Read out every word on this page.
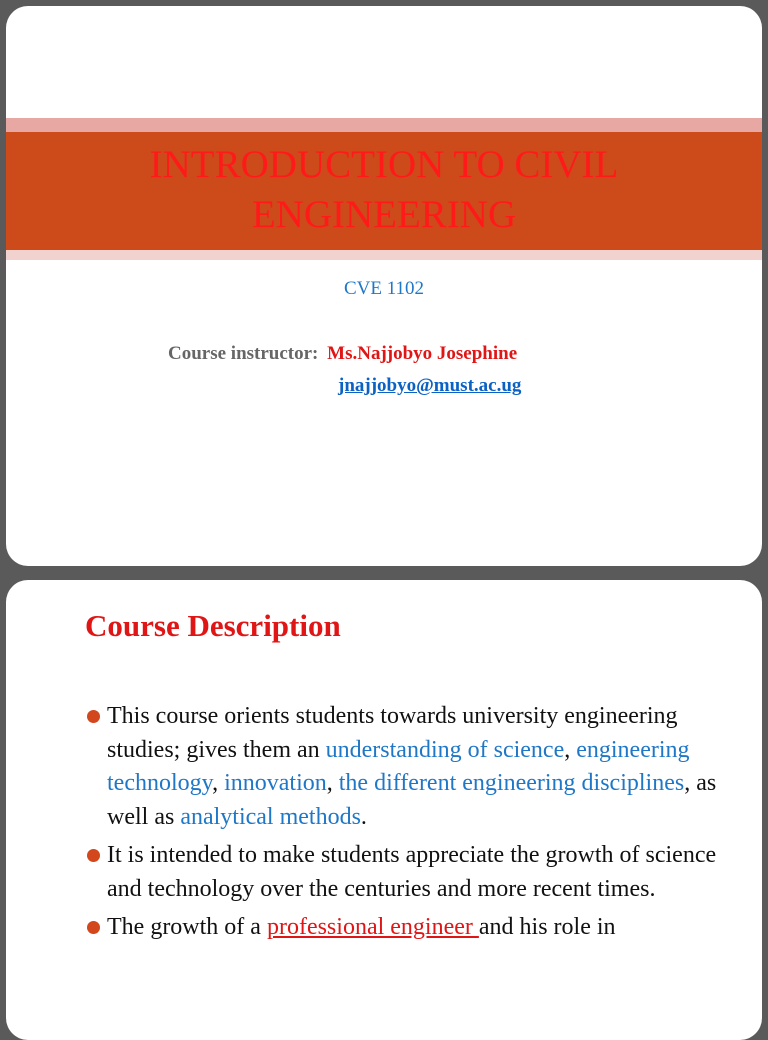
INTRODUCTION TO CIVIL
ENGINEERING
CVE 1102
Course instructor: Ms.Najjobyo Josephine
jnajjobyo@must.ac.ug
Course Description
This course orients students towards university engineering studies; gives them an understanding of science, engineering technology, innovation, the different engineering disciplines, as well as analytical methods.
It is intended to make students appreciate the growth of science and technology over the centuries and more recent times.
The growth of a professional engineer and his role in
